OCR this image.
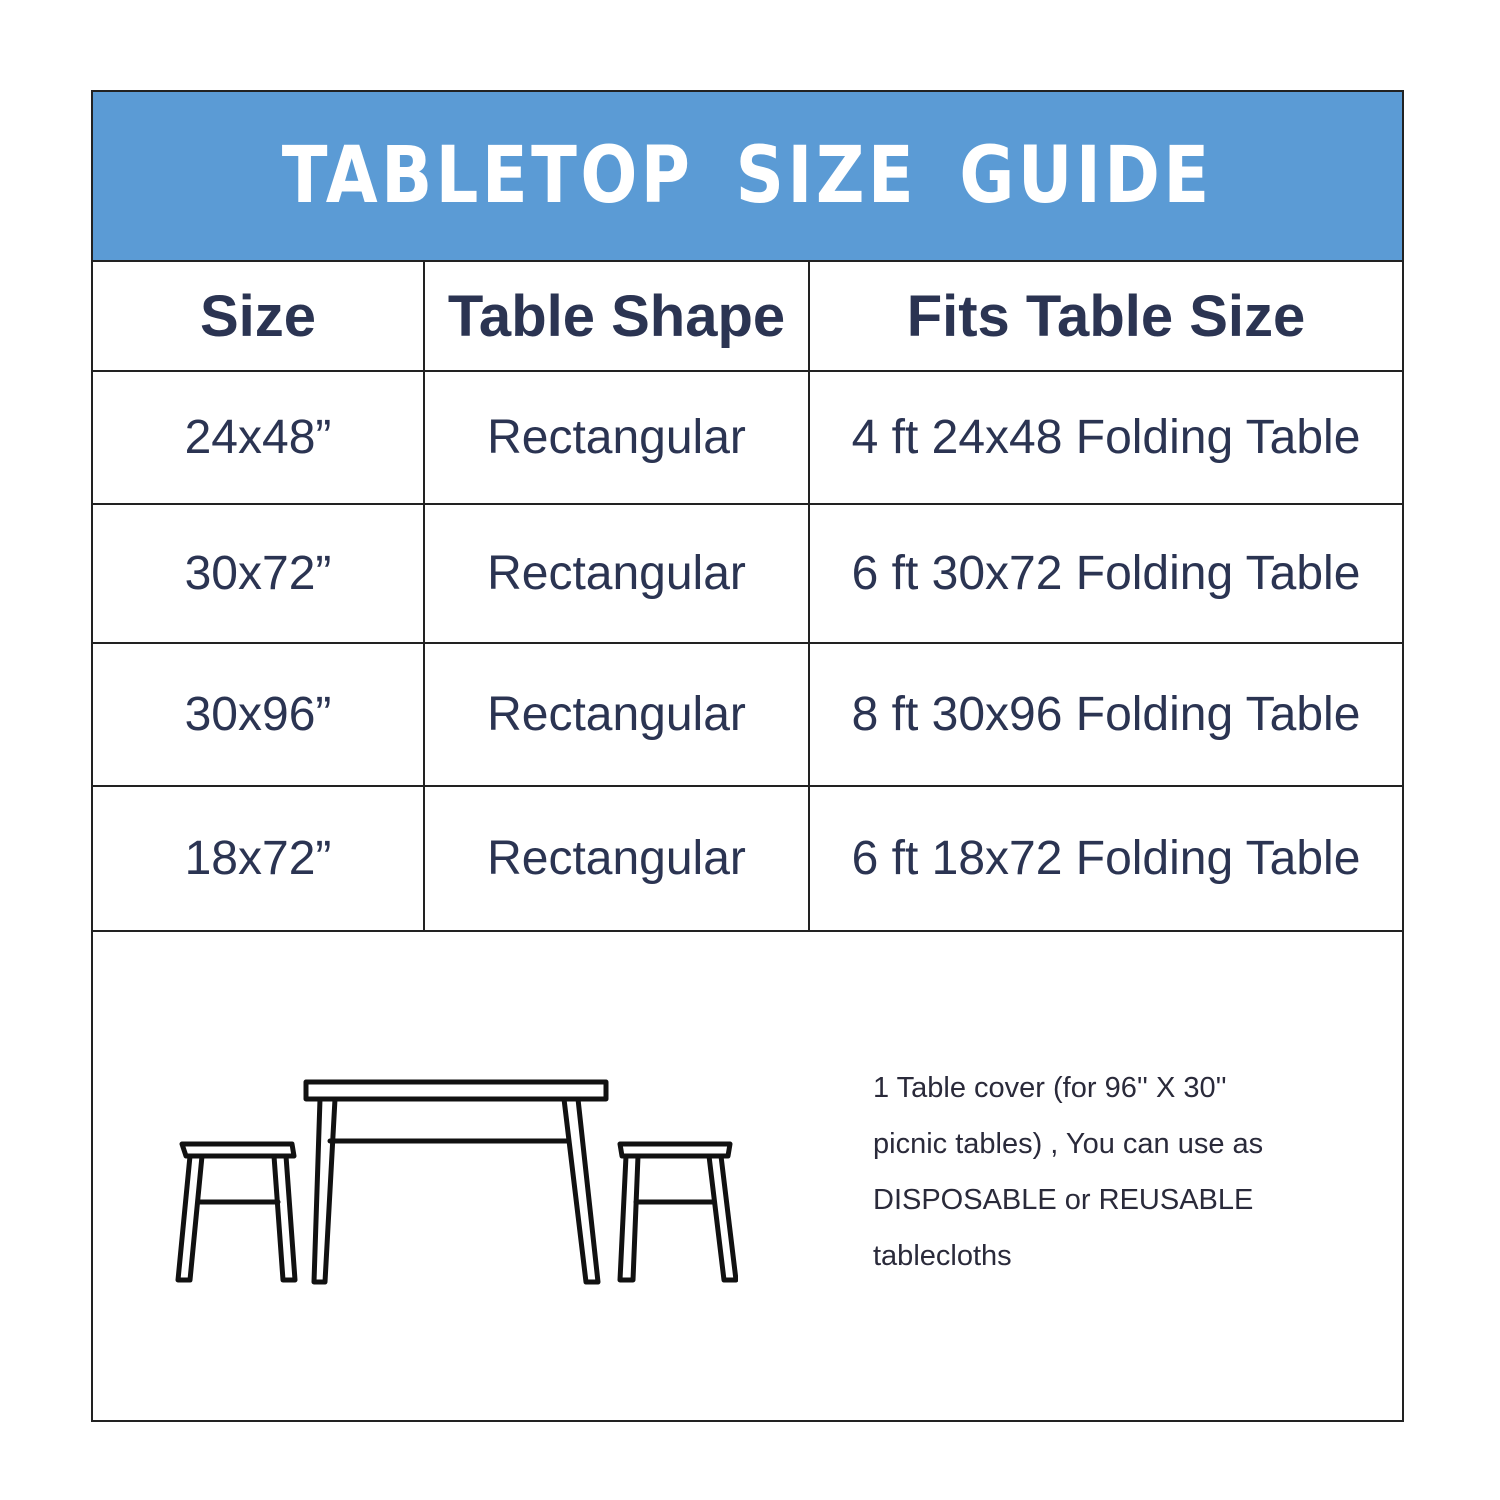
TABLETOP SIZE GUIDE
Size	Table Shape	Fits Table Size
24x48”	Rectangular	4 ft 24x48 Folding Table
30x72”	Rectangular	6 ft 30x72 Folding Table
30x96”	Rectangular	8 ft 30x96 Folding Table
18x72”	Rectangular	6 ft 18x72 Folding Table
1 Table cover (for 96'' X 30''
picnic tables) , You can use as
DISPOSABLE or REUSABLE
tablecloths
